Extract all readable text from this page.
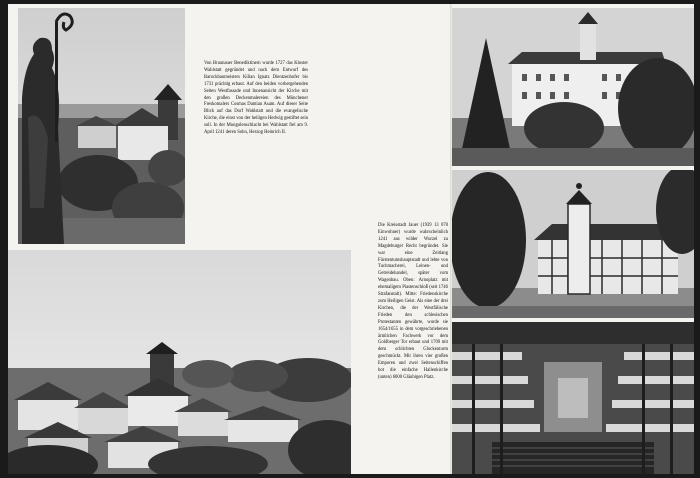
Von Braunauer Benediktinern wurde 1727 das Kloster Wahlstatt gegründet und nach dem Entwurf des Barockbaumeisters Kilian Ignatz Dientzenhofer bis 1731 prächtig erbaut. Auf den beiden vorhergehenden Seiten Westfassade und Innenansicht der Kirche mit den großen Deckenmalereien des Münchener Freskomalers Cosmas Damian Asam. Auf dieser Seite Blick auf das Dorf Wahlstatt und die evangelische Kirche, die einst von der heiligen Hedwig gestiftet sein soll. In der Mongolenschlacht bei Wahlstatt fiel am 9. April 1241 deren Sohn, Herzog Heinrich II.

Die Kreisstadt Jauer (1939 13 078 Einwohner) wurde wahrscheinlich 1241 aus wilder Wurzel zu Magdeburger Recht begründet. Sie war eine Zeitlang Fürstentumshauptstadt und lebte von Tuchmacherei, Leinen- und Getreidehandel, später vom Wagenbau. Oben: Arnoplatz mit ehemaligem Piastenschloß (seit 1746 Strafanstalt). Mitte: Friedenskirche zum Heiligen Geist. Als eine der drei Kirchen, die der Westfälische Frieden den schlesischen Protestanten gewährte, wurde sie 1654/1655 in dem vorgeschriebenen ärmlichen Fachwerk vor dem Goldberger Tor erbaut und 1709 mit dem schlichten Glockenturm geschmückt. Mit ihren vier großen Emporen und zwei Seitenschiffen bot die einfache Hallenkirche (unten) 6000 Gläubigen Platz.
